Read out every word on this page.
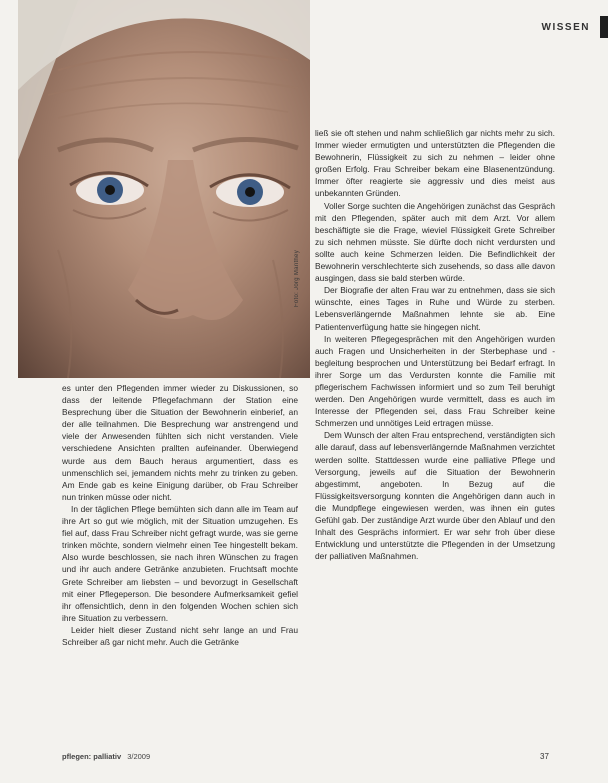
Foto: Jörg Manthey
WISSEN

es unter den Pflegenden immer wieder zu Diskussionen, so dass der leitende Pflegefachmann der Station eine Besprechung über die Situation der Bewohnerin einberief, an der alle teilnahmen. Die Besprechung war anstrengend und viele der Anwesenden fühlten sich nicht verstanden. Viele verschiedene Ansichten prallten aufeinander. Überwiegend wurde aus dem Bauch heraus argumentiert, dass es unmenschlich sei, jemandem nichts mehr zu trinken zu geben. Am Ende gab es keine Einigung darüber, ob Frau Schreiber nun trinken müsse oder nicht.

In der täglichen Pflege bemühten sich dann alle im Team auf ihre Art so gut wie möglich, mit der Situation umzugehen. Es fiel auf, dass Frau Schreiber nicht gefragt wurde, was sie gerne trinken möchte, sondern vielmehr einen Tee hingestellt bekam. Also wurde beschlossen, sie nach ihren Wünschen zu fragen und ihr auch andere Getränke anzubieten. Fruchtsaft mochte Grete Schreiber am liebsten – und bevorzugt in Gesellschaft mit einer Pflegeperson. Die besondere Aufmerksamkeit gefiel ihr offensichtlich, denn in den folgenden Wochen schien sich ihre Situation zu verbessern.

Leider hielt dieser Zustand nicht sehr lange an und Frau Schreiber aß gar nicht mehr. Auch die Getränke

ließ sie oft stehen und nahm schließlich gar nichts mehr zu sich. Immer wieder ermutigten und unterstützten die Pflegenden die Bewohnerin, Flüssigkeit zu sich zu nehmen – leider ohne großen Erfolg. Frau Schreiber bekam eine Blasenentzündung. Immer öfter reagierte sie aggressiv und dies meist aus unbekannten Gründen.

Voller Sorge suchten die Angehörigen zunächst das Gespräch mit den Pflegenden, später auch mit dem Arzt. Vor allem beschäftigte sie die Frage, wieviel Flüssigkeit Grete Schreiber zu sich nehmen müsste. Sie dürfte doch nicht verdursten und sollte auch keine Schmerzen leiden. Die Befindlichkeit der Bewohnerin verschlechterte sich zusehends, so dass alle davon ausgingen, dass sie bald sterben würde.

Der Biografie der alten Frau war zu entnehmen, dass sie sich wünschte, eines Tages in Ruhe und Würde zu sterben. Lebensverlängernde Maßnahmen lehnte sie ab. Eine Patientenverfügung hatte sie hingegen nicht.

In weiteren Pflegegesprächen mit den Angehörigen wurden auch Fragen und Unsicherheiten in der Sterbephase und -begleitung besprochen und Unterstützung bei Bedarf erfragt. In ihrer Sorge um das Verdursten konnte die Familie mit pflegerischem Fachwissen informiert und so zum Teil beruhigt werden. Den Angehörigen wurde vermittelt, dass es auch im Interesse der Pflegenden sei, dass Frau Schreiber keine Schmerzen und unnötiges Leid ertragen müsse.

Dem Wunsch der alten Frau entsprechend, verständigten sich alle darauf, dass auf lebensverlängernde Maßnahmen verzichtet werden sollte. Stattdessen wurde eine palliative Pflege und Versorgung, jeweils auf die Situation der Bewohnerin abgestimmt, angeboten. In Bezug auf die Flüssigkeitsversorgung konnten die Angehörigen dann auch in die Mundpflege eingewiesen werden, was ihnen ein gutes Gefühl gab. Der zuständige Arzt wurde über den Ablauf und den Inhalt des Gesprächs informiert. Er war sehr froh über diese Entwicklung und unterstützte die Pflegenden in der Umsetzung der palliativen Maßnahmen.

pflegen: palliativ 3/2009	37
